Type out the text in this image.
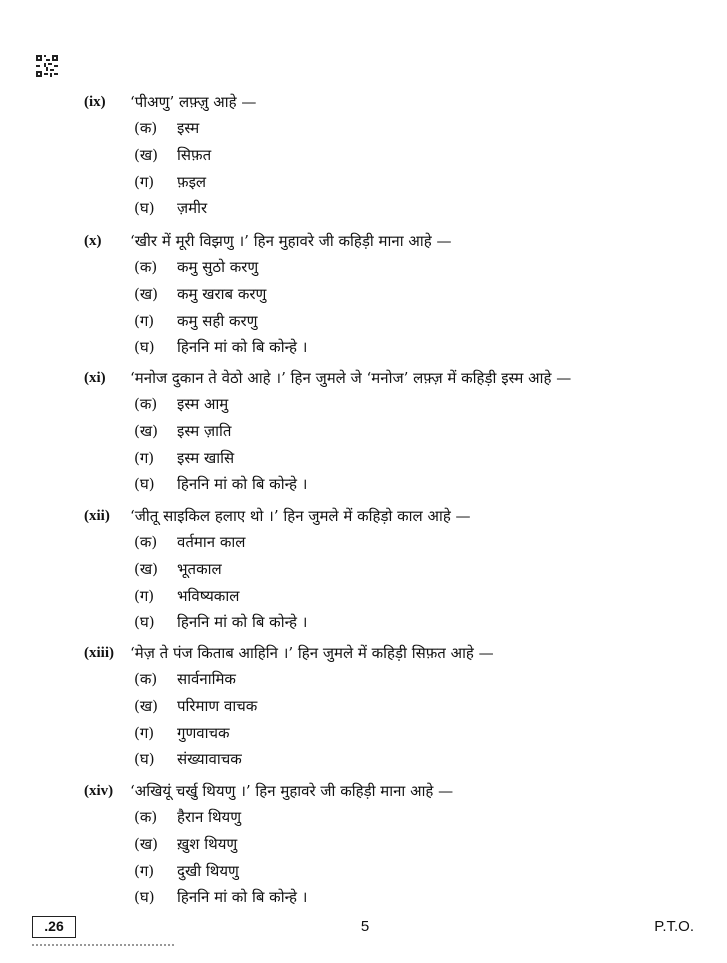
(ix) ‘पीअणु’ लफ़्ज़ु आहे —
(क) इस्म
(ख) सिफ़त
(ग) फ़इल
(घ) ज़मीर
(x) ‘खीर में मूरी विझणु ।’ हिन मुहावरे जी कहिड़ी माना आहे —
(क) कमु सुठो करणु
(ख) कमु खराब करणु
(ग) कमु सही करणु
(घ) हिननि मां को बि कोन्हे ।
(xi) ‘मनोज दुकान ते वेठो आहे ।’ हिन जुमले जे ‘मनोज’ लफ़्ज़ में कहिड़ी इस्म आहे —
(क) इस्म आमु
(ख) इस्म ज़ाति
(ग) इस्म खासि
(घ) हिननि मां को बि कोन्हे ।
(xii) ‘जीतू साइकिल हलाए थो ।’ हिन जुमले में कहिड़ो काल आहे —
(क) वर्तमान काल
(ख) भूतकाल
(ग) भविष्यकाल
(घ) हिननि मां को बि कोन्हे ।
(xiii) ‘मेज़ ते पंज किताब आहिनि ।’ हिन जुमले में कहिड़ी सिफ़त आहे —
(क) सार्वनामिक
(ख) परिमाण वाचक
(ग) गुणवाचक
(घ) संख्यावाचक
(xiv) ‘अखियूं चर्खु थियणु ।’ हिन मुहावरे जी कहिड़ी माना आहे —
(क) हैरान थियणु
(ख) ख़ुश थियणु
(ग) दुखी थियणु
(घ) हिननि मां को बि कोन्हे ।
.26	5	P.T.O.
